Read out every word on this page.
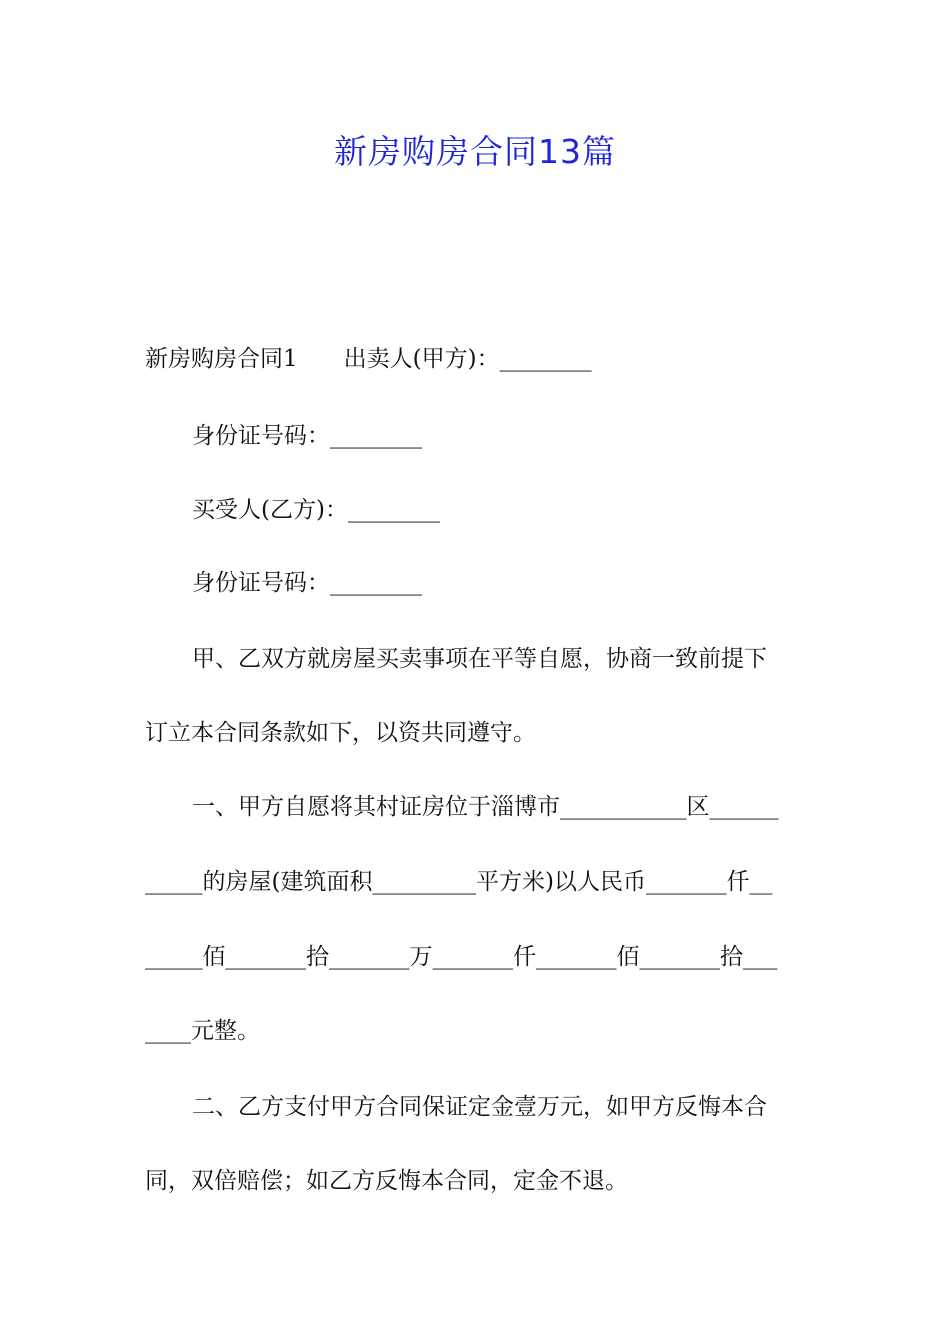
新房购房合同13篇
新房购房合同1 出卖人(甲方)：________
身份证号码：________
买受人(乙方)：________
身份证号码：________
甲、乙双方就房屋买卖事项在平等自愿，协商一致前提下
订立本合同条款如下，以资共同遵守。
一、甲方自愿将其村证房位于淄博市___________区______
_____的房屋(建筑面积_________平方米)以人民币_______仟__
_____佰_______拾_______万_______仟_______佰_______拾___
____元整。
二、乙方支付甲方合同保证定金壹万元，如甲方反悔本合
同，双倍赔偿；如乙方反悔本合同，定金不退。
